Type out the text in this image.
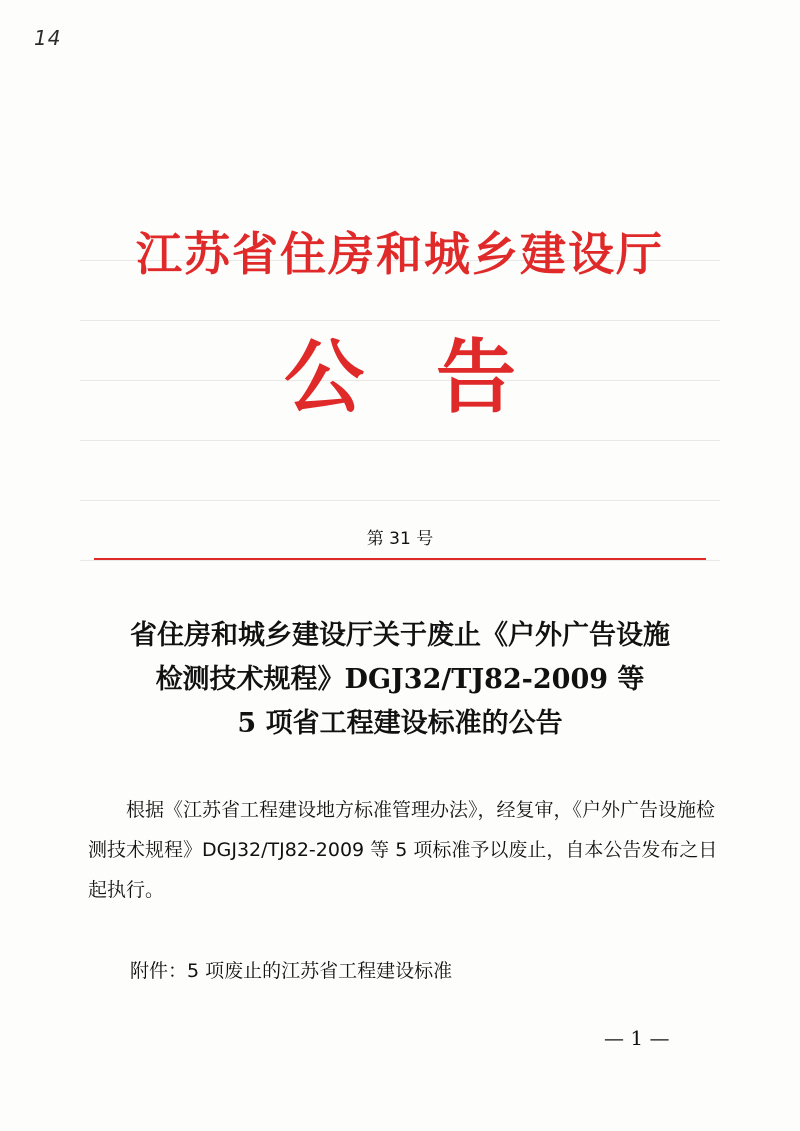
14
江苏省住房和城乡建设厅
公告
第 31 号
省住房和城乡建设厅关于废止《户外广告设施
检测技术规程》DGJ32/TJ82-2009 等
5 项省工程建设标准的公告

根据《江苏省工程建设地方标准管理办法》，经复审，《户外广告设施检测技术规程》DGJ32/TJ82-2009 等 5 项标准予以废止，自本公告发布之日起执行。

附件：5 项废止的江苏省工程建设标准
— 1 —
